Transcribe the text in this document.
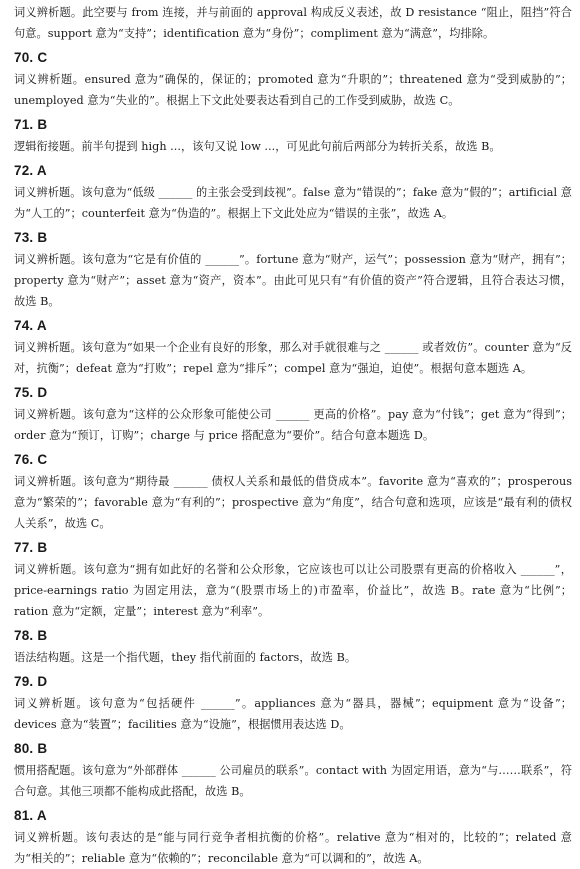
词义辨析题。此空要与 from 连接，并与前面的 approval 构成反义表述，故 D resistance “阻止，阻挡”符合句意。support 意为“支持”；identification 意为“身份”；compliment 意为“满意”，均排除。

70. C

词义辨析题。ensured 意为“确保的，保证的；promoted 意为“升职的”；threatened 意为“受到威胁的”；unemployed 意为“失业的”。根据上下文此处要表达看到自己的工作受到威胁，故选 C。

71. B

逻辑衔接题。前半句提到 high ...，该句又说 low ...，可见此句前后两部分为转折关系，故选 B。

72. A

词义辨析题。该句意为“低级 ______ 的主张会受到歧视”。false 意为“错误的”；fake 意为“假的”；artificial 意为“人工的”；counterfeit 意为“伪造的”。根据上下文此处应为“错误的主张”，故选 A。

73. B

词义辨析题。该句意为“它是有价值的 ______”。fortune 意为“财产，运气”；possession 意为“财产，拥有”；property 意为“财产”；asset 意为“资产，资本”。由此可见只有“有价值的资产”符合逻辑，且符合表达习惯，故选 B。

74. A

词义辨析题。该句意为“如果一个企业有良好的形象，那么对手就很难与之 ______ 或者效仿”。counter 意为“反对，抗衡”；defeat 意为“打败”；repel 意为“排斥”；compel 意为“强迫，迫使”。根据句意本题选 A。

75. D

词义辨析题。该句意为“这样的公众形象可能使公司 ______ 更高的价格”。pay 意为“付钱”；get 意为“得到”；order 意为“预订，订购”；charge 与 price 搭配意为“要价”。结合句意本题选 D。

76. C

词义辨析题。该句意为“期待最 ______ 债权人关系和最低的借贷成本”。favorite 意为“喜欢的”；prosperous 意为“繁荣的”；favorable 意为“有利的”；prospective 意为“角度”，结合句意和选项，应该是“最有利的债权人关系”，故选 C。

77. B

词义辨析题。该句意为“拥有如此好的名誉和公众形象，它应该也可以让公司股票有更高的价格收入 ______”，price-earnings ratio 为固定用法，意为“(股票市场上的)市盈率，价益比”，故选 B。rate 意为“比例”；ration 意为“定额，定量”；interest 意为“利率”。

78. B

语法结构题。这是一个指代题，they 指代前面的 factors，故选 B。

79. D

词义辨析题。该句意为“包括硬件 ______”。appliances 意为“器具，器械”；equipment 意为“设备”；devices 意为“装置”；facilities 意为“设施”，根据惯用表达选 D。

80. B

惯用搭配题。该句意为“外部群体 ______ 公司雇员的联系”。contact with 为固定用语，意为“与……联系”，符合句意。其他三项都不能构成此搭配，故选 B。

81. A

词义辨析题。该句表达的是“能与同行竞争者相抗衡的价格”。relative 意为“相对的，比较的”；related 意为“相关的”；reliable 意为“依赖的”；reconcilable 意为“可以调和的”，故选 A。
